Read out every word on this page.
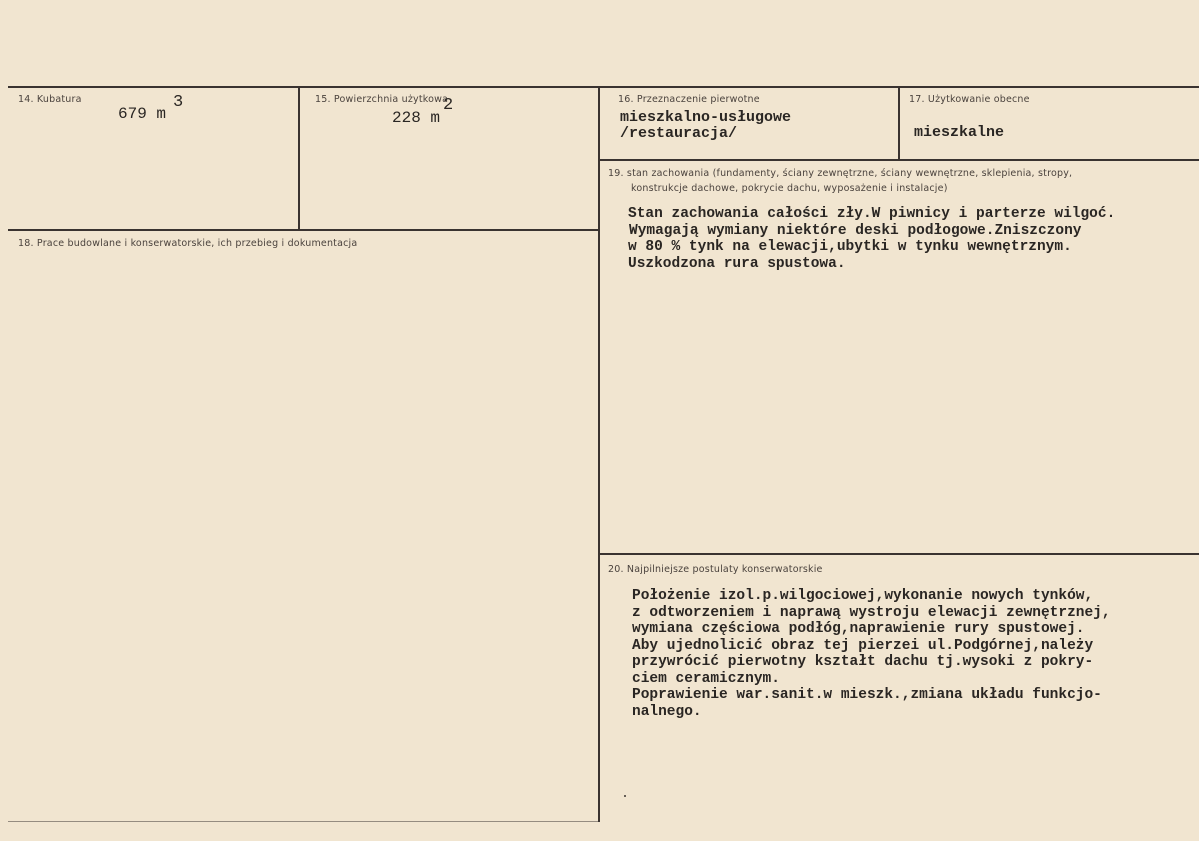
14. Kubatura
679 m
3	15. Powierzchnia użytkowa
228 m
2	16. Przeznaczenie pierwotne
mieszkalno-usługowe
/restauracja/
17. Użytkowanie obecne
mieszkalne
18. Prace budowlane i konserwatorskie, ich przebieg i dokumentacja
19. stan zachowania (fundamenty, ściany zewnętrzne, ściany wewnętrzne, sklepienia, stropy,
konstrukcje dachowe, pokrycie dachu, wyposażenie i instalacje)
Stan zachowania całości zły.W piwnicy i parterze wilgoć.
Wymagają wymiany niektóre deski podłogowe.Zniszczony
w 80 % tynk na elewacji,ubytki w tynku wewnętrznym.
Uszkodzona rura spustowa.
20. Najpilniejsze postulaty konserwatorskie
Położenie izol.p.wilgociowej,wykonanie nowych tynków,
z odtworzeniem i naprawą wystroju elewacji zewnętrznej,
wymiana częściowa podłóg,naprawienie rury spustowej.
Aby ujednolicić obraz tej pierzei ul.Podgórnej,należy
przywrócić pierwotny kształt dachu tj.wysoki z pokry-
ciem ceramicznym.
Poprawienie war.sanit.w mieszk.,zmiana układu funkcjo-
nalnego.
